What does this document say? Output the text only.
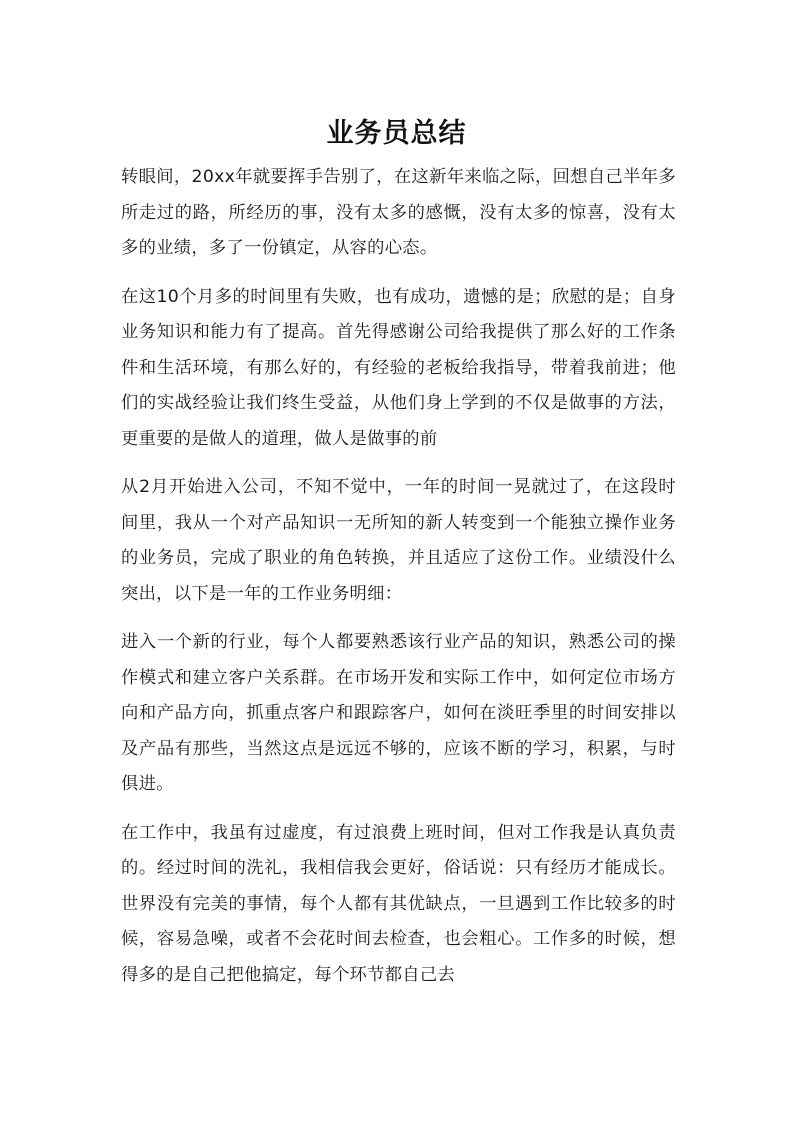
业务员总结

转眼间，20xx年就要挥手告别了，在这新年来临之际，回想自己半年多所走过的路，所经历的事，没有太多的感慨，没有太多的惊喜，没有太多的业绩，多了一份镇定，从容的心态。

在这10个月多的时间里有失败，也有成功，遗憾的是；欣慰的是；自身业务知识和能力有了提高。首先得感谢公司给我提供了那么好的工作条件和生活环境，有那么好的，有经验的老板给我指导，带着我前进；他们的实战经验让我们终生受益，从他们身上学到的不仅是做事的方法，更重要的是做人的道理，做人是做事的前

从2月开始进入公司，不知不觉中，一年的时间一晃就过了，在这段时间里，我从一个对产品知识一无所知的新人转变到一个能独立操作业务的业务员，完成了职业的角色转换，并且适应了这份工作。业绩没什么突出，以下是一年的工作业务明细：

进入一个新的行业，每个人都要熟悉该行业产品的知识，熟悉公司的操作模式和建立客户关系群。在市场开发和实际工作中，如何定位市场方向和产品方向，抓重点客户和跟踪客户，如何在淡旺季里的时间安排以及产品有那些，当然这点是远远不够的，应该不断的学习，积累，与时俱进。

在工作中，我虽有过虚度，有过浪费上班时间，但对工作我是认真负责的。经过时间的洗礼，我相信我会更好，俗话说：只有经历才能成长。世界没有完美的事情，每个人都有其优缺点，一旦遇到工作比较多的时候，容易急噪，或者不会花时间去检查，也会粗心。工作多的时候，想得多的是自己把他搞定，每个环节都自己去
